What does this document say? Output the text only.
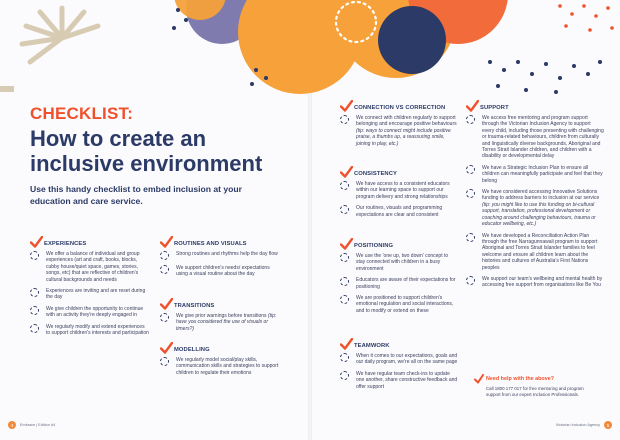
CHECKLIST:
How to create an inclusive environment
Use this handy checklist to embed inclusion at your education and care service.
EXPERIENCES
We offer a balance of individual and group experiences (art and craft, books, blocks, cubby house/quiet space, games, stories, songs, etc) that are reflective of children's cultural backgrounds and needs
Experiences are inviting and are reset during the day
We give children the opportunity to continue with an activity they're deeply engaged in
We regularly modify and extend experiences to support children's interests and participation
ROUTINES AND VISUALS
Strong routines and rhythms help the day flow
We support children's needs/ expectations using a visual routine about the day
TRANSITIONS
We give prior warnings before transitions (tip: have you considered the use of visuals or timers?)
MODELLING
We regularly model social/play skills, communication skills and strategies to support children to regulate their emotions
CONNECTION VS CORRECTION
We connect with children regularly to support belonging and encourage positive behaviours (tip: ways to connect might include positive praise, a thumbs up, a reassuring smile, joining in play, etc.)
CONSISTENCY
We have access to a consistent educators within our learning space to support our program delivery and strong relationships
Our routines, visuals and programming expectations are clear and consistent
POSITIONING
We use the 'one up, two down' concept to stay connected with children in a busy environment
Educators are aware of their expectations for positioning
We are positioned to support children's emotional regulation and social interactions, and to modify or extend on these
TEAMWORK
When it comes to our expectations, goals and our daily program, we're all on the same page
We have regular team check-ins to update one another, share constructive feedback and offer support
SUPPORT
We access free mentoring and program support through the Victorian Inclusion Agency to support every child, including those presenting with challenging or trauma-related behaviours, children from culturally and linguistically diverse backgrounds, Aboriginal and Torres Strait Islander children, and children with a disability or developmental delay
We have a Strategic Inclusion Plan to ensure all children can meaningfully participate and feel that they belong
We have considered accessing Innovative Solutions funding to address barriers to inclusion at our service (tip: you might like to use this funding on bi-cultural support, translation, professional development or coaching around challenging behaviours, trauma or educator wellbeing, etc.)
We have developed a Reconciliation Action Plan through the free Narragunnawali program to support Aboriginal and Torres Strait Islander families to feel welcome and ensure all children learn about the histories and cultures of Australia's First Nations peoples
We support our team's wellbeing and mental health by accessing free support from organisations like Be You
Need help with the above?
Call 1800 177 017 for free mentoring and program support from our expert Inclusion Professionals.
4	Embrace | Edition #4	Victorian Inclusion Agency	5
